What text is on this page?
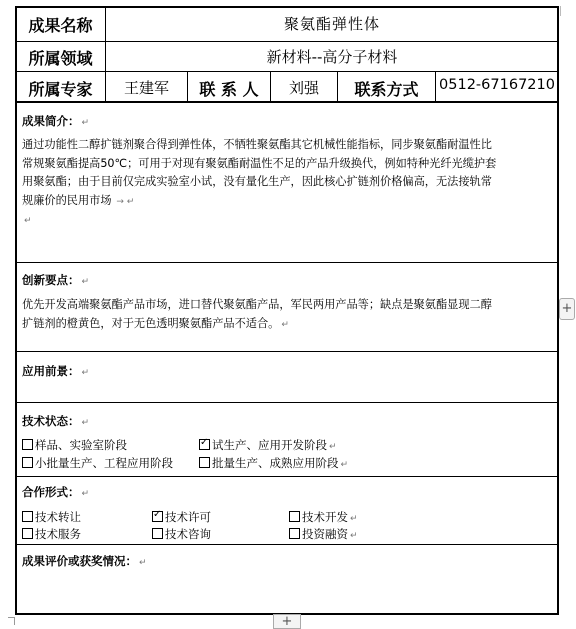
成果名称	聚氨酯弹性体
所属领域	新材料--高分子材料
所属专家	王建军	联 系 人	刘强	联系方式	0512-67167210
成果简介： ↵
通过功能性二醇扩链剂聚合得到弹性体，不牺牲聚氨酯其它机械性能指标，同步聚氨酯耐温性比
常规聚氨酯提高50℃；可用于对现有聚氨酯耐温性不足的产品升级换代，例如特种光纤光缆护套
用聚氨酯；由于目前仅完成实验室小试，没有量化生产，因此核心扩链剂价格偏高，无法接轨常
规廉价的民用市场 → ↵
↵
创新要点： ↵
优先开发高端聚氨酯产品市场，进口替代聚氨酯产品，军民两用产品等；缺点是聚氨酯显现二醇
扩链剂的橙黄色，对于无色透明聚氨酯产品不适合。 ↵
应用前景： ↵
技术状态： ↵
样品、实验室阶段 ✓	试生产、应用开发阶段 ↵
小批量生产、工程应用阶段	批量生产、成熟应用阶段 ↵
合作形式： ↵
技术转让 ✓	技术许可	技术开发 ↵
技术服务	技术咨询	投资融资 ↵
成果评价或获奖情况： ↵
+
+
